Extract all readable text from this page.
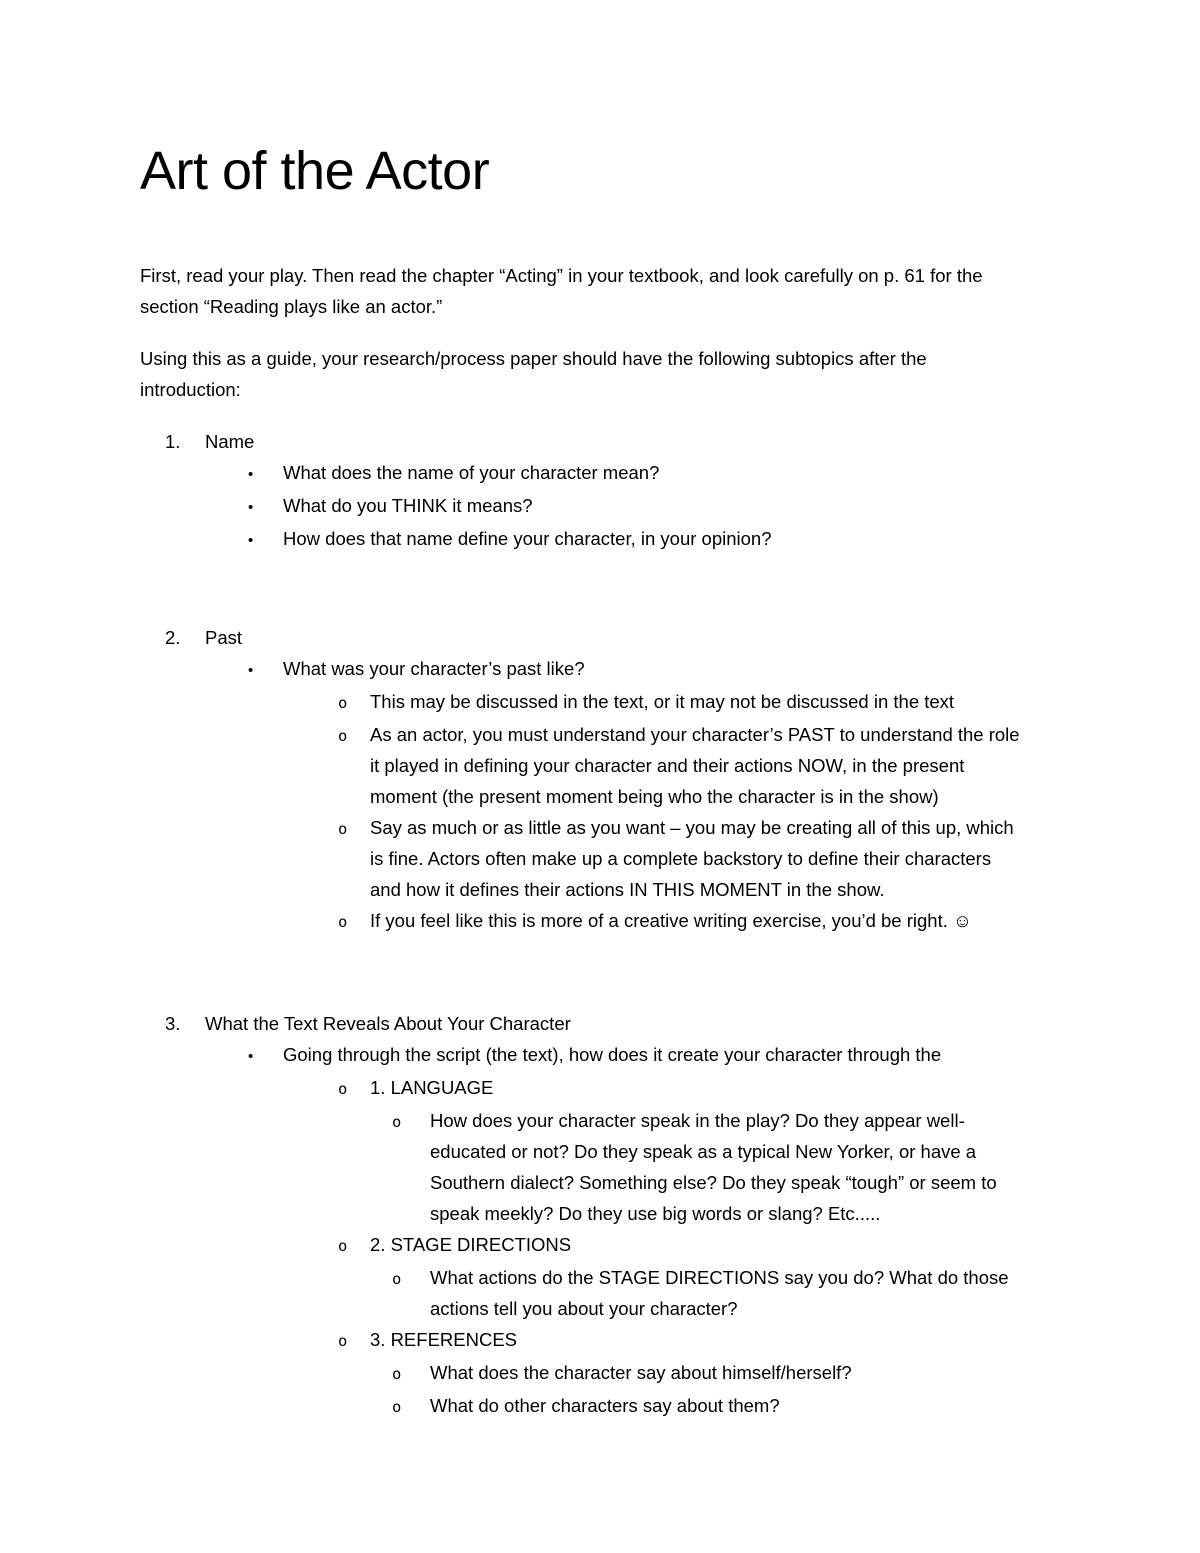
Art of the Actor

First, read your play. Then read the chapter “Acting” in your textbook, and look carefully on p. 61 for the section “Reading plays like an actor.”

Using this as a guide, your research/process paper should have the following subtopics after the introduction:

1.	Name
•	What does the name of your character mean?
•	What do you THINK it means?
•	How does that name define your character, in your opinion?
2.	Past
•	What was your character’s past like?
o	This may be discussed in the text, or it may not be discussed in the text
o	As an actor, you must understand your character’s PAST to understand the role it played in defining your character and their actions NOW, in the present moment (the present moment being who the character is in the show)
o	Say as much or as little as you want – you may be creating all of this up, which is fine. Actors often make up a complete backstory to define their characters and how it defines their actions IN THIS MOMENT in the show.
o	If you feel like this is more of a creative writing exercise, you’d be right. ☺
3.	What the Text Reveals About Your Character
•	Going through the script (the text), how does it create your character through the
o	1. LANGUAGE
o	How does your character speak in the play? Do they appear well-educated or not? Do they speak as a typical New Yorker, or have a Southern dialect? Something else? Do they speak “tough” or seem to speak meekly? Do they use big words or slang? Etc.....
o	2. STAGE DIRECTIONS
o	What actions do the STAGE DIRECTIONS say you do? What do those actions tell you about your character?
o	3. REFERENCES
o	What does the character say about himself/herself?
o	What do other characters say about them?
